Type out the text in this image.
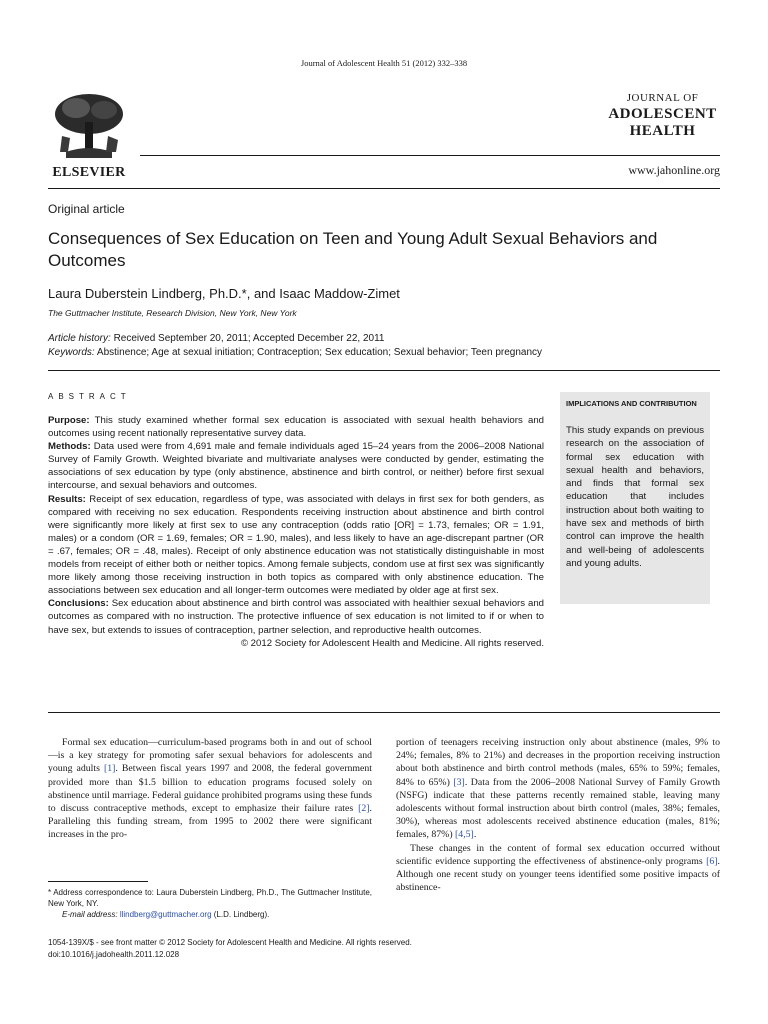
Journal of Adolescent Health 51 (2012) 332–338
ELSEVIER
JOURNAL OF
ADOLESCENT
HEALTH
www.jahonline.org
Original article
Consequences of Sex Education on Teen and Young Adult Sexual Behaviors and Outcomes
Laura Duberstein Lindberg, Ph.D.*, and Isaac Maddow-Zimet
The Guttmacher Institute, Research Division, New York, New York
Article history: Received September 20, 2011; Accepted December 22, 2011
Keywords: Abstinence; Age at sexual initiation; Contraception; Sex education; Sexual behavior; Teen pregnancy
ABSTRACT
Purpose: This study examined whether formal sex education is associated with sexual health behaviors and outcomes using recent nationally representative survey data.
Methods: Data used were from 4,691 male and female individuals aged 15–24 years from the 2006–2008 National Survey of Family Growth. Weighted bivariate and multivariate analyses were conducted by gender, estimating the associations of sex education by type (only abstinence, abstinence and birth control, or neither) before first sexual intercourse, and sexual behaviors and outcomes.
Results: Receipt of sex education, regardless of type, was associated with delays in first sex for both genders, as compared with receiving no sex education. Respondents receiving instruction about abstinence and birth control were significantly more likely at first sex to use any contraception (odds ratio [OR] = 1.73, females; OR = 1.91, males) or a condom (OR = 1.69, females; OR = 1.90, males), and less likely to have an age-discrepant partner (OR = .67, females; OR = .48, males). Receipt of only abstinence education was not statistically distinguishable in most models from receipt of either both or neither topics. Among female subjects, condom use at first sex was significantly more likely among those receiving instruction in both topics as compared with only abstinence education. The associations between sex education and all longer-term outcomes were mediated by older age at first sex.
Conclusions: Sex education about abstinence and birth control was associated with healthier sexual behaviors and outcomes as compared with no instruction. The protective influence of sex education is not limited to if or when to have sex, but extends to issues of contraception, partner selection, and reproductive health outcomes.
© 2012 Society for Adolescent Health and Medicine. All rights reserved.
IMPLICATIONS AND CONTRIBUTION
This study expands on previous research on the association of formal sex education with sexual health and behaviors, and finds that formal sex education that includes instruction about both waiting to have sex and methods of birth control can improve the health and well-being of adolescents and young adults.

Formal sex education—curriculum-based programs both in and out of school—is a key strategy for promoting safer sexual behaviors for adolescents and young adults [1]. Between fiscal years 1997 and 2008, the federal government provided more than $1.5 billion to education programs focused solely on abstinence until marriage. Federal guidance prohibited programs using these funds to discuss contraceptive methods, except to emphasize their failure rates [2]. Paralleling this funding stream, from 1995 to 2002 there were significant increases in the pro-

portion of teenagers receiving instruction only about abstinence (males, 9% to 24%; females, 8% to 21%) and decreases in the proportion receiving instruction about both abstinence and birth control methods (males, 65% to 59%; females, 84% to 65%) [3]. Data from the 2006–2008 National Survey of Family Growth (NSFG) indicate that these patterns recently remained stable, leaving many adolescents without formal instruction about birth control (males, 38%; females, 30%), whereas most adolescents received abstinence education (males, 81%; females, 87%) [4,5].

These changes in the content of formal sex education occurred without scientific evidence supporting the effectiveness of abstinence-only programs [6]. Although one recent study on younger teens identified some positive impacts of abstinence-

* Address correspondence to: Laura Duberstein Lindberg, Ph.D., The Guttmacher Institute, New York, NY.
E-mail address: llindberg@guttmacher.org (L.D. Lindberg).
1054-139X/$ - see front matter © 2012 Society for Adolescent Health and Medicine. All rights reserved.
doi:10.1016/j.jadohealth.2011.12.028
